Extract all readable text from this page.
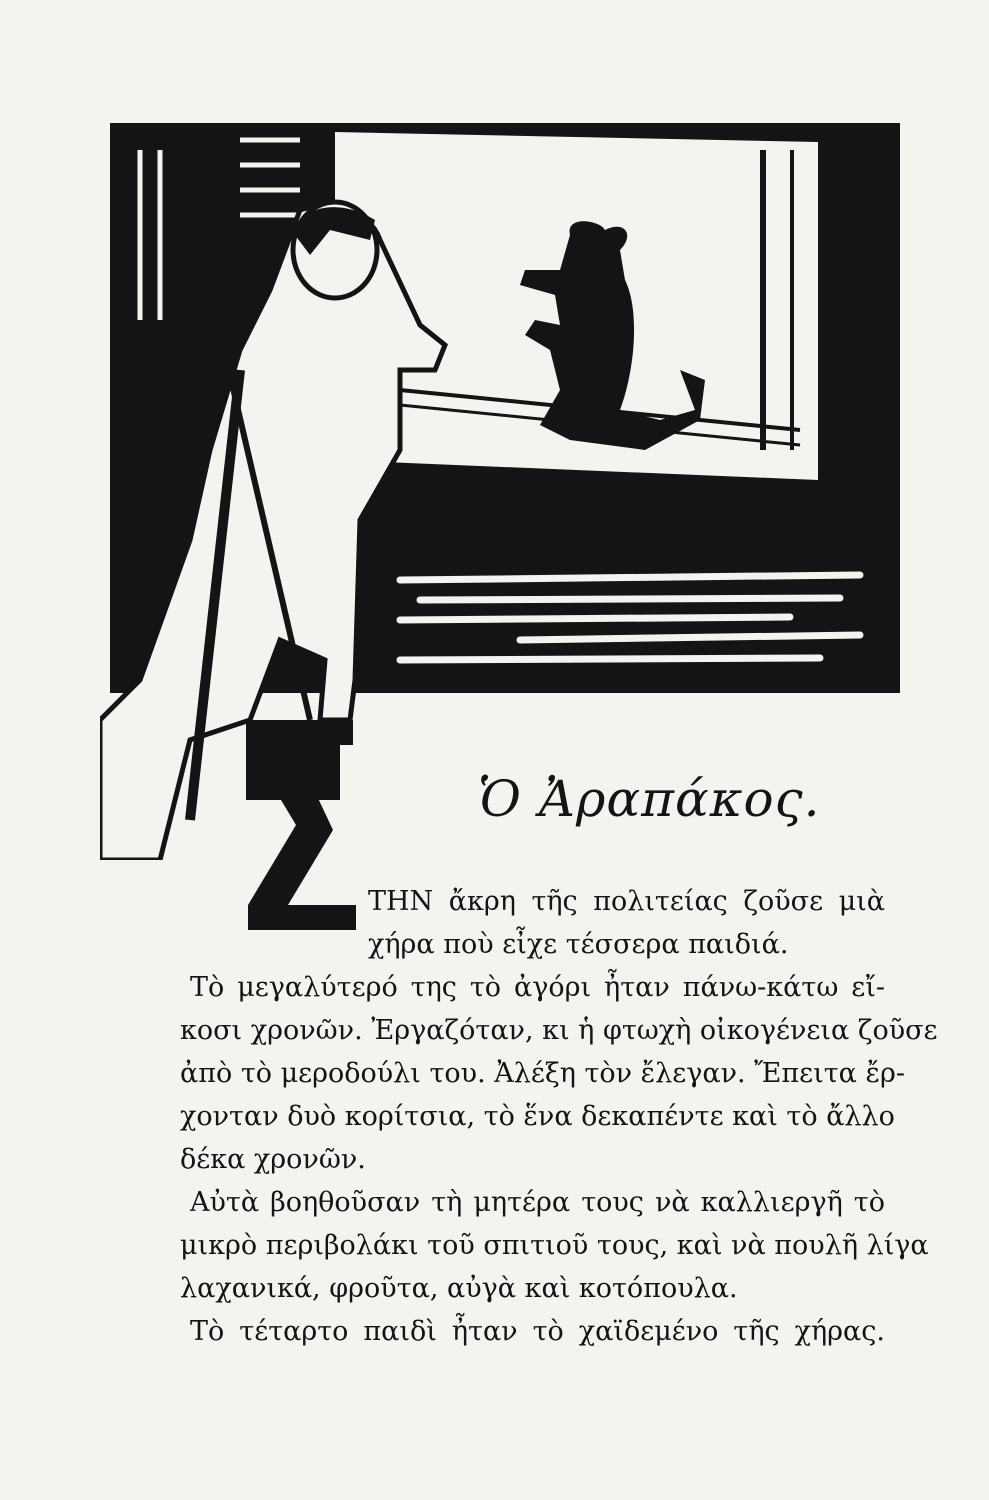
Ὁ Ἀραπάκος.

ΤΗΝ ἄκρη τῆς πολιτείας ζοῦσε μιὰ
χήρα ποὺ εἶχε τέσσερα παιδιά.

Τὸ μεγαλύτερό της τὸ ἀγόρι ἦταν πάνω-κάτω εἴ-
κοσι χρονῶν. Ἐργαζόταν, κι ἡ φτωχὴ οἰκογένεια ζοῦσε
ἀπὸ τὸ μεροδούλι του. Ἀλέξη τὸν ἔλεγαν. Ἔπειτα ἔρ-
χονταν δυὸ κορίτσια, τὸ ἕνα δεκαπέντε καὶ τὸ ἄλλο
δέκα χρονῶν.

Αὐτὰ βοηθοῦσαν τὴ μητέρα τους νὰ καλλιεργῆ τὸ
μικρὸ περιβολάκι τοῦ σπιτιοῦ τους, καὶ νὰ πουλῆ λίγα
λαχανικά, φροῦτα, αὐγὰ καὶ κοτόπουλα.

Τὸ τέταρτο παιδὶ ἦταν τὸ χαϊδεμένο τῆς χήρας.
